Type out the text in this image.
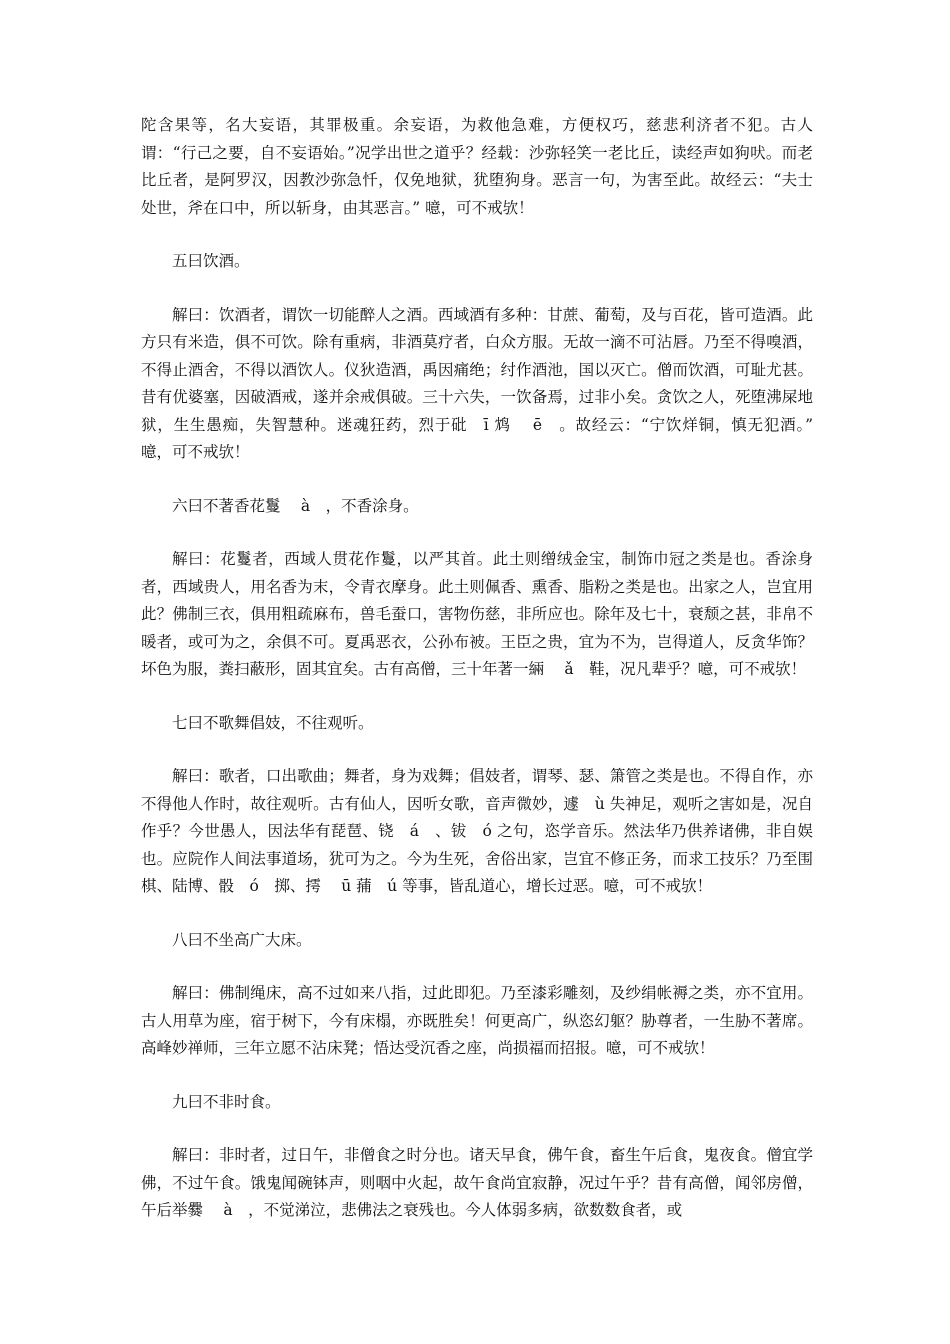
陀含果等，名大妄语，其罪极重。余妄语，为救他急难，方便权巧，慈悲利济者不犯。古人谓：“行己之要，自不妄语始。”况学出世之道乎？经载：沙弥轻笑一老比丘，读经声如狗吠。而老比丘者，是阿罗汉，因教沙弥急忏，仅免地狱，犹堕狗身。恶言一句，为害至此。故经云：“夫士处世，斧在口中，所以斩身，由其恶言。” 噫，可不戒欤！

五曰饮酒。

解曰：饮酒者，谓饮一切能醉人之酒。西域酒有多种：甘蔗、葡萄，及与百花，皆可造酒。此方只有米造，俱不可饮。除有重病，非酒莫疗者，白众方服。无故一滴不可沾唇。乃至不得嗅酒，不得止酒舍，不得以酒饮人。仪狄造酒，禹因痛绝；纣作酒池，国以灭亡。僧而饮酒，可耻尤甚。昔有优婆塞，因破酒戒，遂并余戒俱破。三十六失，一饮备焉，过非小矣。贪饮之人，死堕沸屎地狱，生生愚痴，失智慧种。迷魂狂药，烈于砒　ī 鸩　 ē　。故经云：“宁饮烊铜，慎无犯酒。” 噫，可不戒欤！

六曰不著香花鬘　 à　，不香涂身。

解曰：花鬘者，西域人贯花作鬘，以严其首。此土则缯绒金宝，制饰巾冠之类是也。香涂身者，西域贵人，用名香为末，令青衣摩身。此土则佩香、熏香、脂粉之类是也。出家之人，岂宜用此？佛制三衣，俱用粗疏麻布，兽毛蚕口，害物伤慈，非所应也。除年及七十，衰颓之甚，非帛不暖者，或可为之，余俱不可。夏禹恶衣，公孙布被。王臣之贵，宜为不为，岂得道人，反贪华饰？坏色为服，粪扫蔽形，固其宜矣。古有高僧，三十年著一緉　 ǎ　鞋，况凡辈乎？噫，可不戒欤！

七曰不歌舞倡妓，不往观听。

解曰：歌者，口出歌曲；舞者，身为戏舞；倡妓者，谓琴、瑟、箫管之类是也。不得自作，亦不得他人作时，故往观听。古有仙人，因听女歌，音声微妙，遽　ù 失神足，观听之害如是，况自作乎？今世愚人，因法华有琵琶、铙　á　、钹　ó 之句，恣学音乐。然法华乃供养诸佛，非自娱也。应院作人间法事道场，犹可为之。今为生死，舍俗出家，岂宜不修正务，而求工技乐？乃至围棋、陆博、骰　ó　掷、摴　 ū 蒱　ú 等事，皆乱道心，增长过恶。噫，可不戒欤！

八曰不坐高广大床。

解曰：佛制绳床，高不过如来八指，过此即犯。乃至漆彩雕刻，及纱绢帐褥之类，亦不宜用。古人用草为座，宿于树下，今有床榻，亦既胜矣！何更高广，纵恣幻躯？胁尊者，一生胁不著席。高峰妙禅师，三年立愿不沾床凳；悟达受沉香之座，尚损福而招报。噫，可不戒欤！

九曰不非时食。

解曰：非时者，过日午，非僧食之时分也。诸天早食，佛午食，畜生午后食，鬼夜食。僧宜学佛，不过午食。饿鬼闻碗钵声，则咽中火起，故午食尚宜寂静，况过午乎？昔有高僧，闻邻房僧，午后举爨　 à　，不觉涕泣，悲佛法之衰残也。今人体弱多病，欲数数食者，或
